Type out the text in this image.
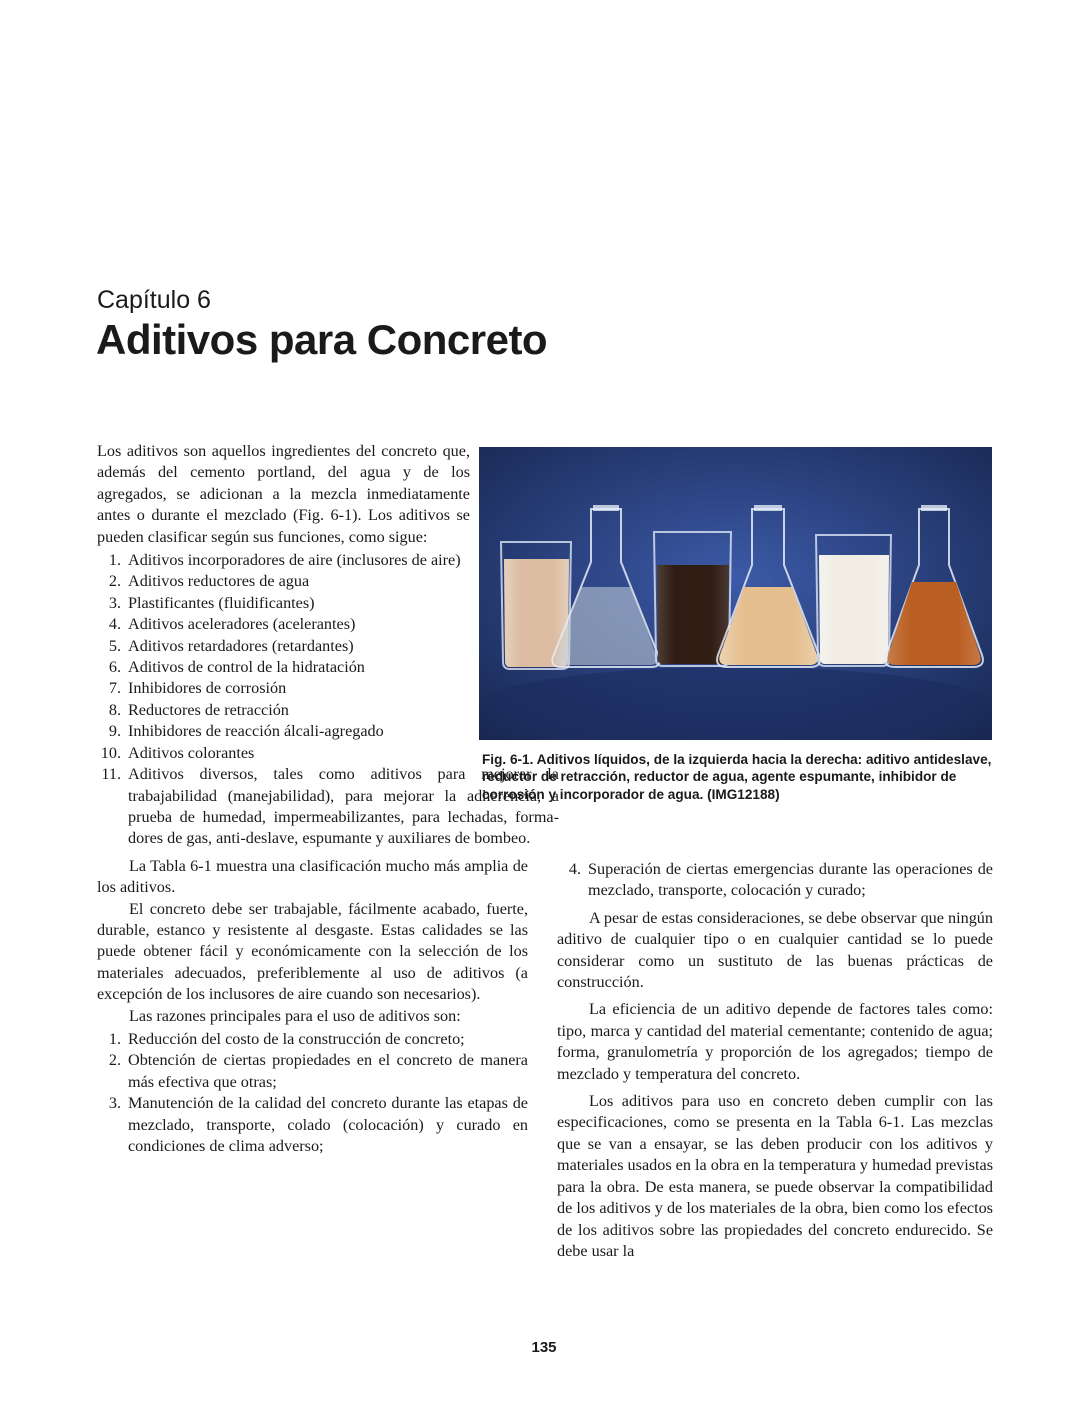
Capítulo 6
Aditivos para Concreto

Los aditivos son aquellos ingredientes del concreto que, además del cemento portland, del agua y de los agregados, se adicionan a la mezcla inmediatamente antes o durante el mezclado (Fig. 6-1). Los aditivos se pueden clasificar según sus funciones, como sigue:

1. Aditivos incorporadores de aire (inclusores de aire)
2. Aditivos reductores de agua
3. Plastificantes (fluidificantes)
4. Aditivos aceleradores (acelerantes)
5. Aditivos retardadores (retardantes)
6. Aditivos de control de la hidratación
7. Inhibidores de corrosión
8. Reductores de retracción
9. Inhibidores de reacción álcali-agregado
10. Aditivos colorantes
11. Aditivos diversos, tales como aditivos para mejorar la trabajabilidad (manejabilidad), para mejorar la adherencia, a prueba de humedad, impermeabilizantes, para lechadas, formadores de gas, anti-deslave, espumante y auxiliares de bombeo.

La Tabla 6-1 muestra una clasificación mucho más amplia de los aditivos.

El concreto debe ser trabajable, fácilmente acabado, fuerte, durable, estanco y resistente al desgaste. Estas calidades se las puede obtener fácil y económicamente con la selección de los materiales adecuados, preferiblemente al uso de aditivos (a excepción de los inclusores de aire cuando son necesarios).

Las razones principales para el uso de aditivos son:

1. Reducción del costo de la construcción de concreto;
2. Obtención de ciertas propiedades en el concreto de manera más efectiva que otras;
3. Manutención de la calidad del concreto durante las etapas de mezclado, transporte, colado (colocación) y curado en condiciones de clima adverso;
Fig. 6-1. Aditivos líquidos, de la izquierda hacia la derecha: aditivo antideslave, reductor de retracción, reductor de agua, agente espumante, inhibidor de corrosión y incorporador de agua. (IMG12188)
4. Superación de ciertas emergencias durante las operaciones de mezclado, transporte, colocación y curado;

A pesar de estas consideraciones, se debe observar que ningún aditivo de cualquier tipo o en cualquier cantidad se lo puede considerar como un sustituto de las buenas prácticas de construcción.

La eficiencia de un aditivo depende de factores tales como: tipo, marca y cantidad del material cementante; contenido de agua; forma, granulometría y proporción de los agregados; tiempo de mezclado y temperatura del concreto.

Los aditivos para uso en concreto deben cumplir con las especificaciones, como se presenta en la Tabla 6-1. Las mezclas que se van a ensayar, se las deben producir con los aditivos y materiales usados en la obra en la temperatura y humedad previstas para la obra. De esta manera, se puede observar la compatibilidad de los aditivos y de los materiales de la obra, bien como los efectos de los aditivos sobre las propiedades del concreto endurecido. Se debe usar la

135
